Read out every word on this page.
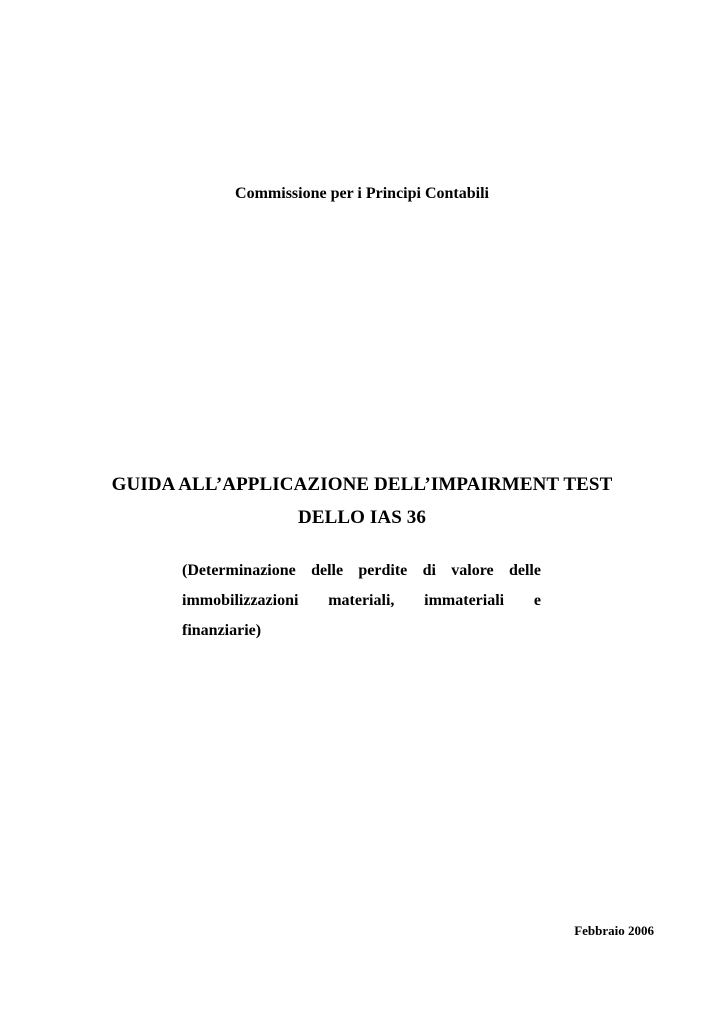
Commissione per i Principi Contabili
GUIDA ALL’APPLICAZIONE DELL’IMPAIRMENT TEST
DELLO IAS 36
(Determinazione delle perdite di valore delle
immobilizzazioni materiali, immateriali e
finanziarie)
Febbraio 2006
